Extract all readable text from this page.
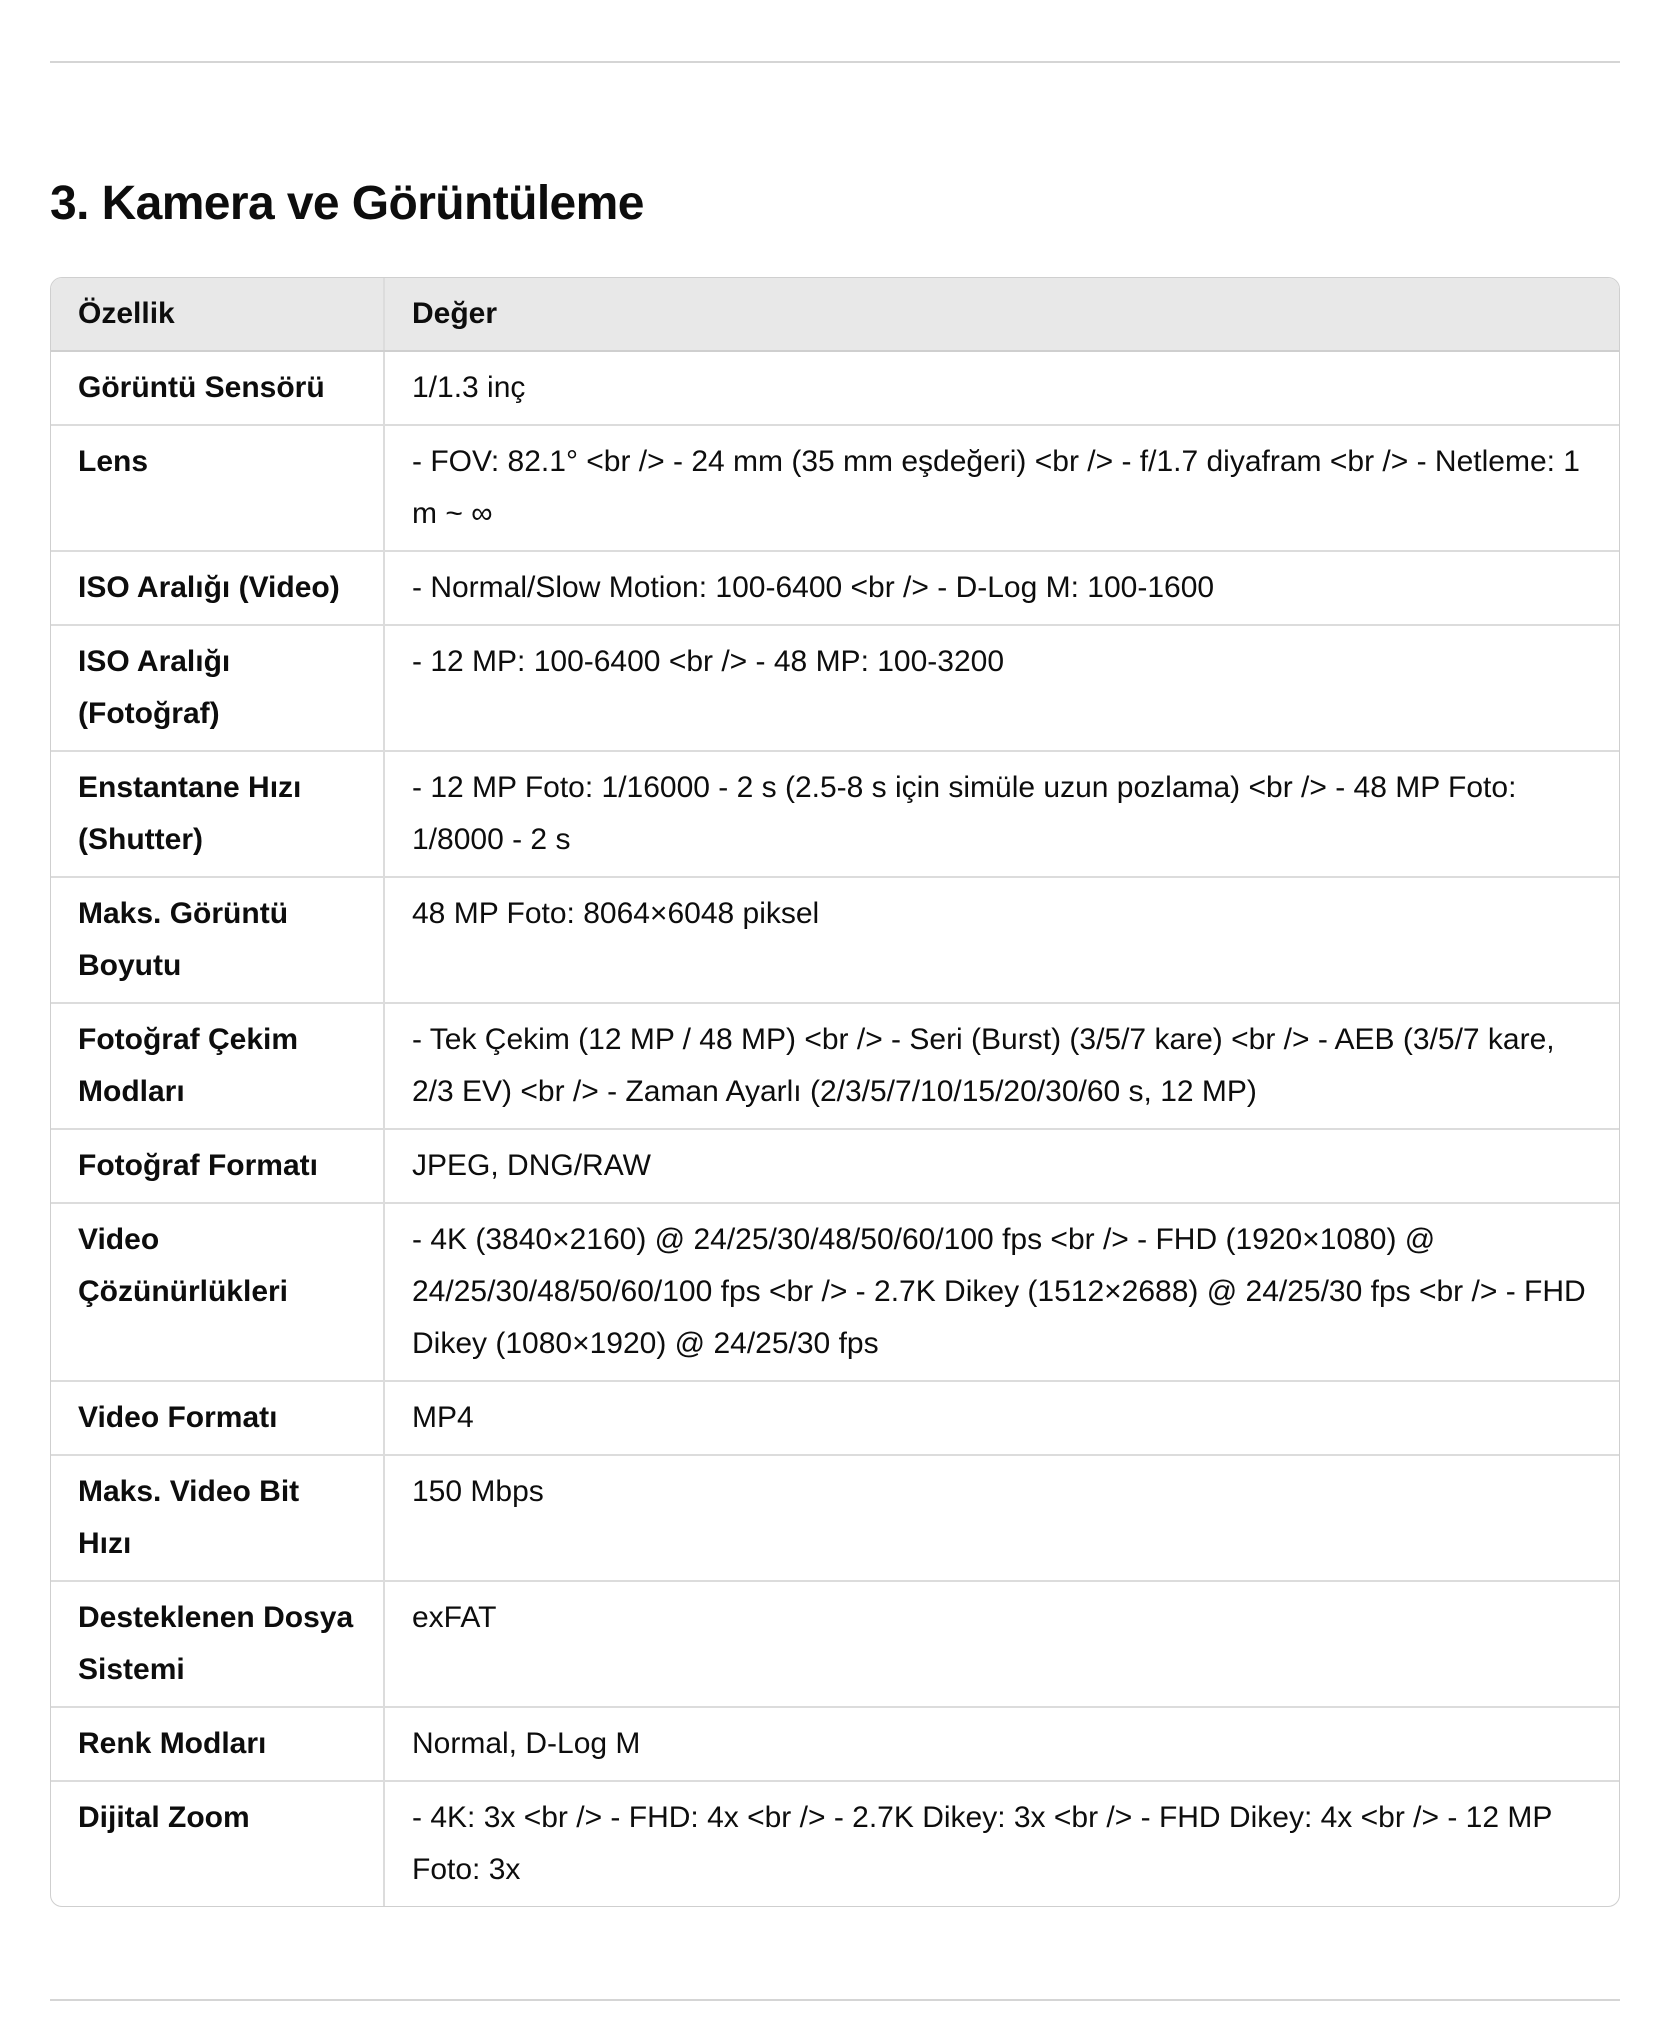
3. Kamera ve Görüntüleme
Özellik	Değer
Görüntü Sensörü	1/1.3 inç
Lens	- FOV: 82.1° <br /> - 24 mm (35 mm eşdeğeri) <br /> - f/1.7 diyafram <br /> - Netleme: 1 m ~ ∞
ISO Aralığı (Video)	- Normal/Slow Motion: 100-6400 <br /> - D-Log M: 100-1600
ISO Aralığı (Fotoğraf)	- 12 MP: 100-6400 <br /> - 48 MP: 100-3200
Enstantane Hızı (Shutter)	- 12 MP Foto: 1/16000 - 2 s (2.5-8 s için simüle uzun pozlama) <br /> - 48 MP Foto: 1/8000 - 2 s
Maks. Görüntü Boyutu	48 MP Foto: 8064×6048 piksel
Fotoğraf Çekim Modları	- Tek Çekim (12 MP / 48 MP) <br /> - Seri (Burst) (3/5/7 kare) <br /> - AEB (3/5/7 kare, 2/3 EV) <br /> - Zaman Ayarlı (2/3/5/7/10/15/20/30/60 s, 12 MP)
Fotoğraf Formatı	JPEG, DNG/RAW
Video Çözünürlükleri	- 4K (3840×2160) @ 24/25/30/48/50/60/100 fps <br /> - FHD (1920×1080) @ 24/25/30/48/50/60/100 fps <br /> - 2.7K Dikey (1512×2688) @ 24/25/30 fps <br /> - FHD Dikey (1080×1920) @ 24/25/30 fps
Video Formatı	MP4
Maks. Video Bit Hızı	150 Mbps
Desteklenen Dosya Sistemi	exFAT
Renk Modları	Normal, D-Log M
Dijital Zoom	- 4K: 3x <br /> - FHD: 4x <br /> - 2.7K Dikey: 3x <br /> - FHD Dikey: 4x <br /> - 12 MP Foto: 3x
